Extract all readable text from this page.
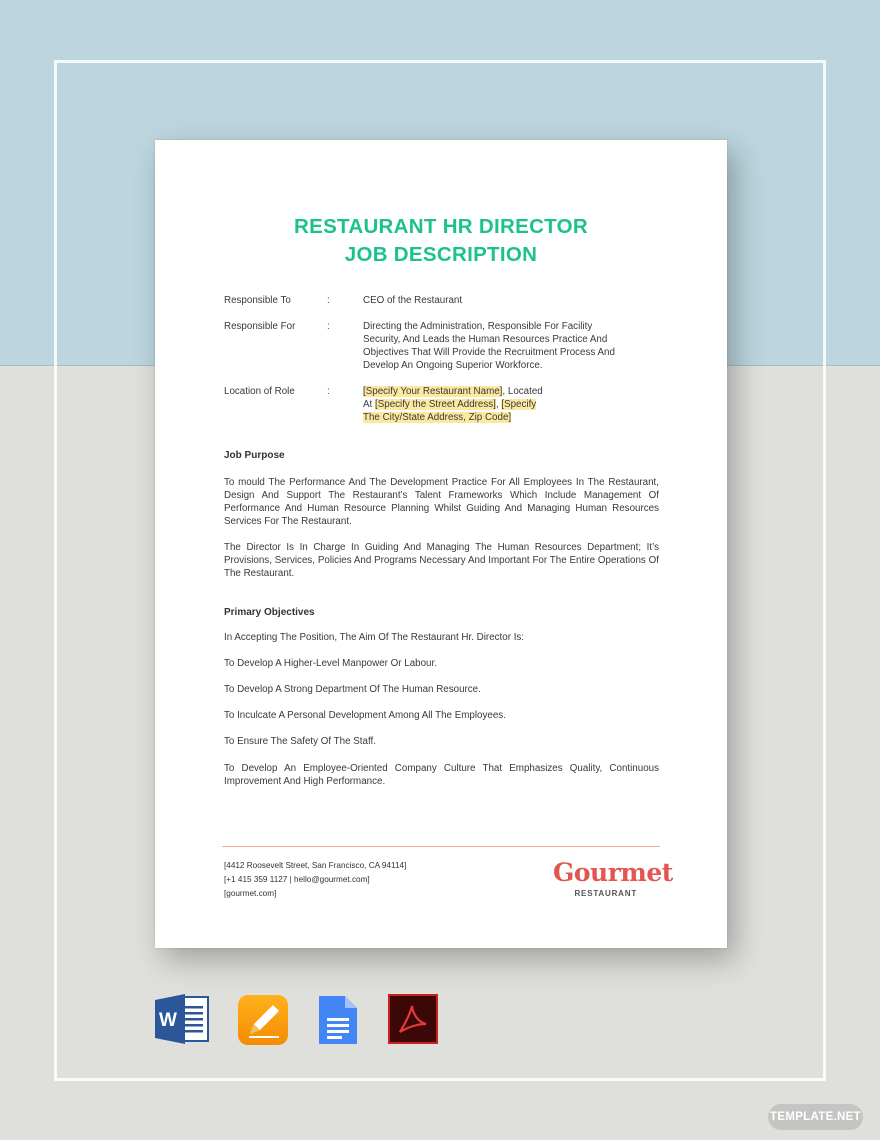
RESTAURANT HR DIRECTOR
JOB DESCRIPTION
Responsible To	:	CEO of the Restaurant
Responsible For	:	Directing the Administration, Responsible For Facility Security, And Leads the Human Resources Practice And Objectives That Will Provide the Recruitment Process And Develop An Ongoing Superior Workforce.
Location of Role	:	[Specify Your Restaurant Name], Located At [Specify the Street Address], [Specify The City/State Address, Zip Code]
Job Purpose
To mould The Performance And The Development Practice For All Employees In The Restaurant, Design And Support The Restaurant’s Talent Frameworks Which Include Management Of Performance And Human Resource Planning Whilst Guiding And Managing Human Resources Services For The Restaurant.
The Director Is In Charge In Guiding And Managing The Human Resources Department; It’s Provisions, Services, Policies And Programs Necessary And Important For The Entire Operations Of The Restaurant.
Primary Objectives
In Accepting The Position, The Aim Of The Restaurant Hr. Director Is:
To Develop A Higher-Level Manpower Or Labour.
To Develop A Strong Department Of The Human Resource.
To Inculcate A Personal Development Among All The Employees.
To Ensure The Safety Of The Staff.
To Develop An Employee-Oriented Company Culture That Emphasizes Quality, Continuous Improvement And High Performance.
[4412 Roosevelt Street, San Francisco, CA 94114]
[+1 415 359 1127 | hello@gourmet.com]
[gourmet.com]
Gourmet
RESTAURANT
W
TEMPLATE.NET
